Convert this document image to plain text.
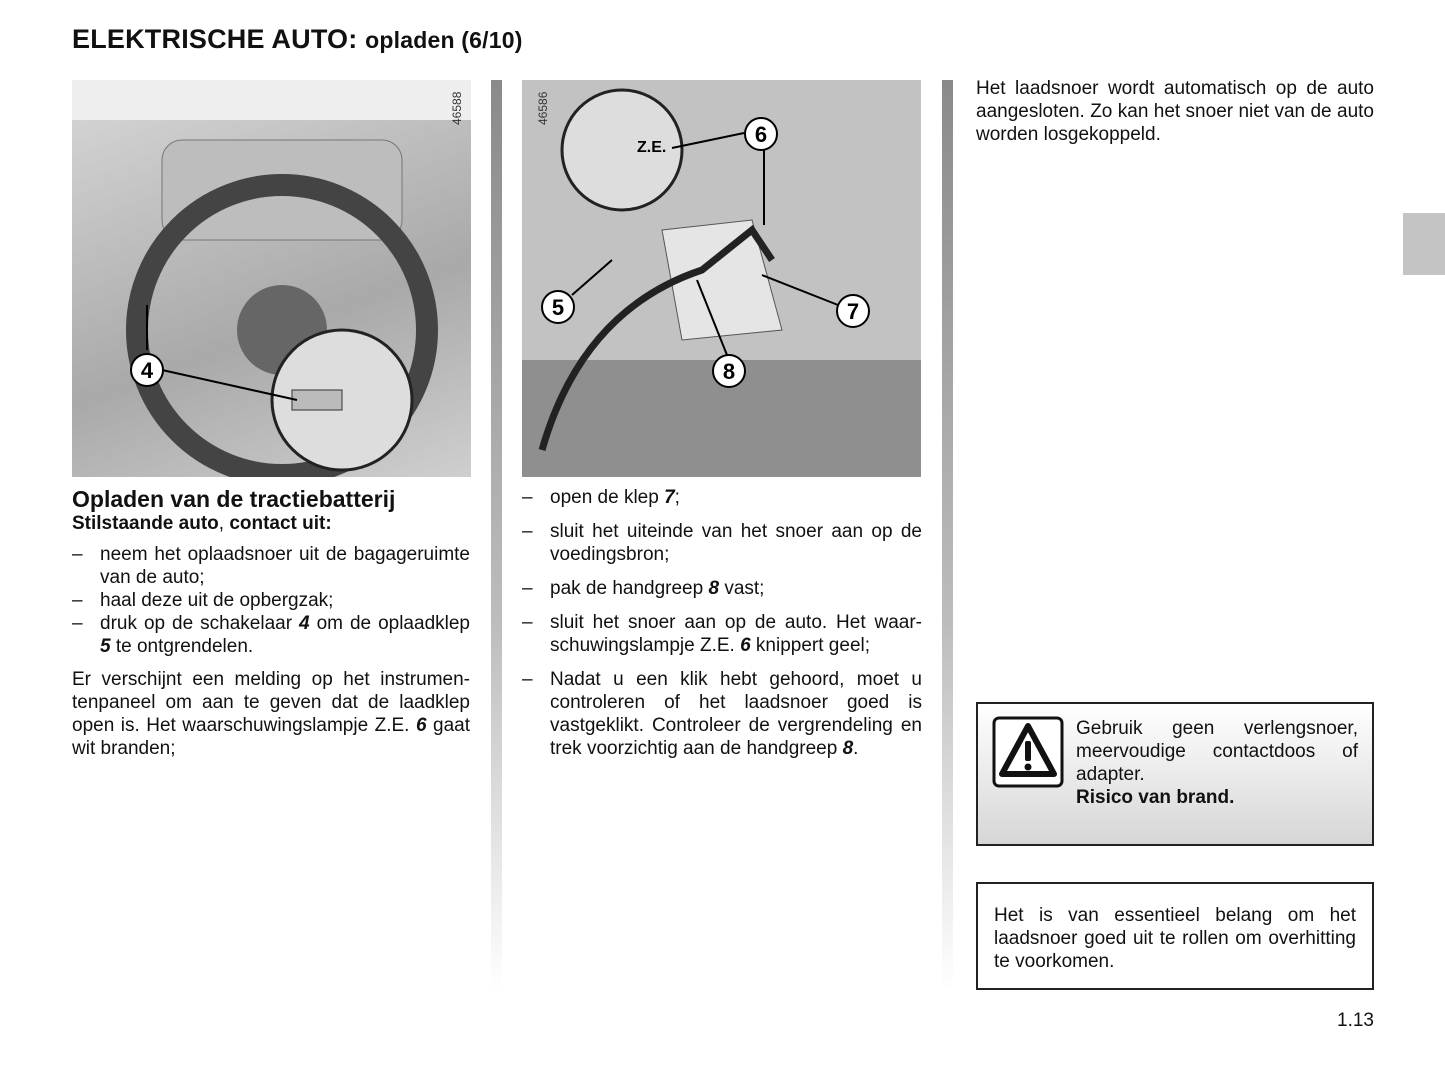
ELEKTRISCHE AUTO: opladen (6/10)
4
46588
Z.E.
5
6
7
8
46586
Opladen van de tractiebatterij
Stilstaande auto, contact uit:
– neem het oplaadsnoer uit de bagageruimte van de auto;
– haal deze uit de opbergzak;
– druk op de schakelaar 4 om de oplaadklep 5 te ontgrendelen.

Er verschijnt een melding op het instrumentenpaneel om aan te geven dat de laadklep open is. Het waarschuwingslampje Z.E. 6 gaat wit branden;

– open de klep 7;
– sluit het uiteinde van het snoer aan op de voedingsbron;
– pak de handgreep 8 vast;
– sluit het snoer aan op de auto. Het waarschuwingslampje Z.E. 6 knippert geel;
– Nadat u een klik hebt gehoord, moet u controleren of het laadsnoer goed is vastgeklikt. Controleer de vergrendeling en trek voorzichtig aan de handgreep 8.

Het laadsnoer wordt automatisch op de auto aangesloten. Zo kan het snoer niet van de auto worden losgekoppeld.

Gebruik geen verlengsnoer, meervoudige contactdoos of adapter.
Risico van brand.
Het is van essentieel belang om het laadsnoer goed uit te rollen om overhitting te voorkomen.
1.13
